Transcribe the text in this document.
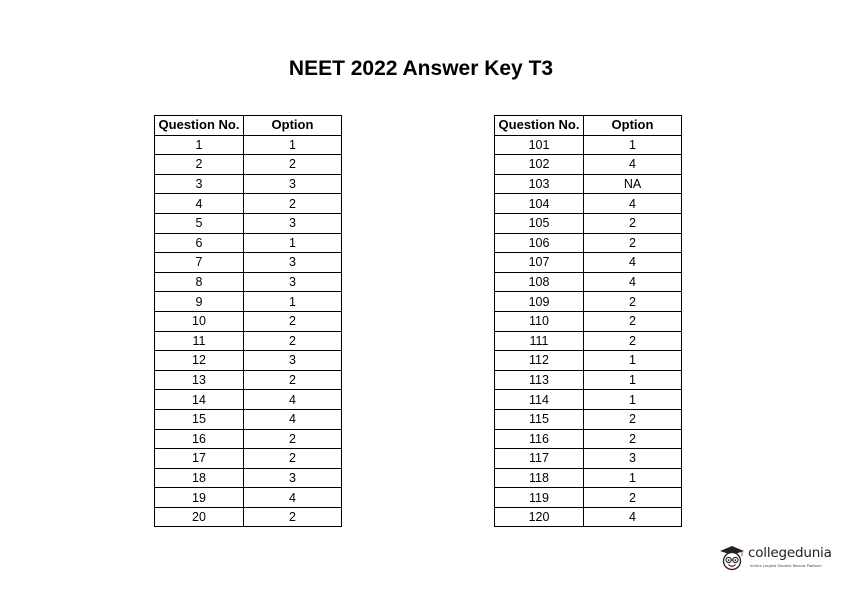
NEET 2022 Answer Key T3
Question No.	Option
1	1
2	2
3	3
4	2
5	3
6	1
7	3
8	3
9	1
10	2
11	2
12	3
13	2
14	4
15	4
16	2
17	2
18	3
19	4
20	2
Question No.	Option
101	1
102	4
103	NA
104	4
105	2
106	2
107	4
108	4
109	2
110	2
111	2
112	1
113	1
114	1
115	2
116	2
117	3
118	1
119	2
120	4
collegedunia
India's Largest Student Review Platform
